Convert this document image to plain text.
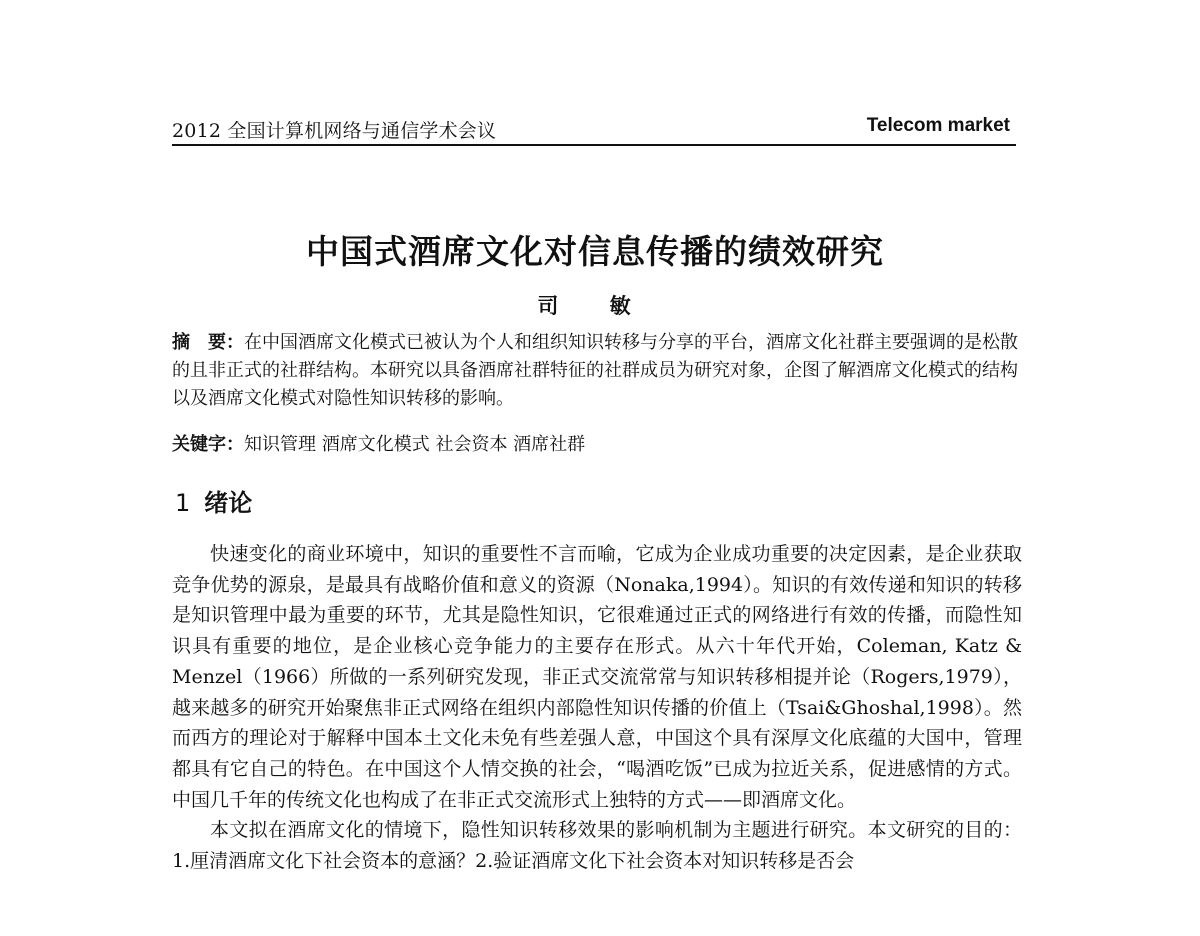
2012 全国计算机网络与通信学术会议	Telecom market
中国式酒席文化对信息传播的绩效研究
司 敏
摘　要：在中国酒席文化模式已被认为个人和组织知识转移与分享的平台，酒席文化社群主要强调的是松散的且非正式的社群结构。本研究以具备酒席社群特征的社群成员为研究对象，企图了解酒席文化模式的结构以及酒席文化模式对隐性知识转移的影响。
关键字：知识管理 酒席文化模式 社会资本 酒席社群
1 绪论

快速变化的商业环境中，知识的重要性不言而喻，它成为企业成功重要的决定因素，是企业获取竞争优势的源泉，是最具有战略价值和意义的资源（Nonaka,1994）。知识的有效传递和知识的转移是知识管理中最为重要的环节，尤其是隐性知识，它很难通过正式的网络进行有效的传播，而隐性知识具有重要的地位，是企业核心竞争能力的主要存在形式。从六十年代开始，Coleman, Katz & Menzel（1966）所做的一系列研究发现，非正式交流常常与知识转移相提并论（Rogers,1979），越来越多的研究开始聚焦非正式网络在组织内部隐性知识传播的价值上（Tsai&Ghoshal,1998）。然而西方的理论对于解释中国本土文化未免有些差强人意，中国这个具有深厚文化底蕴的大国中，管理都具有它自己的特色。在中国这个人情交换的社会，“喝酒吃饭”已成为拉近关系，促进感情的方式。中国几千年的传统文化也构成了在非正式交流形式上独特的方式——即酒席文化。

本文拟在酒席文化的情境下，隐性知识转移效果的影响机制为主题进行研究。本文研究的目的：1.厘清酒席文化下社会资本的意涵？2.验证酒席文化下社会资本对知识转移是否会
